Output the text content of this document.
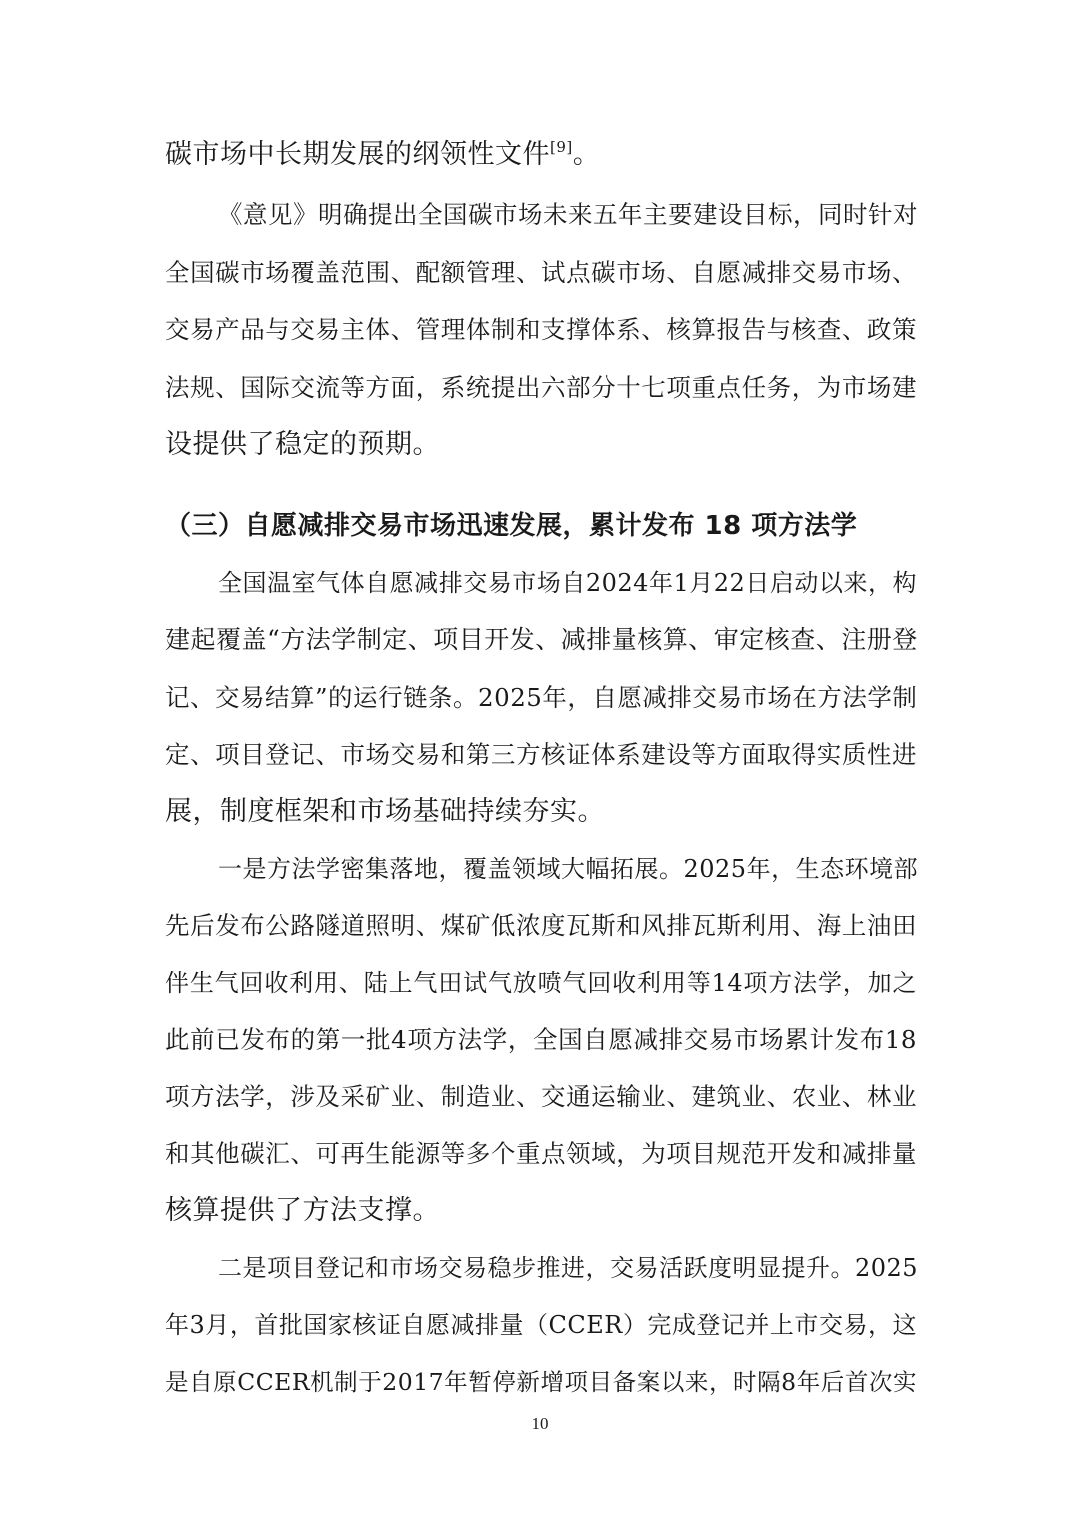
碳市场中长期发展的纲领性文件[9]。
《意见》明确提出全国碳市场未来五年主要建设目标，同时针对
全国碳市场覆盖范围、配额管理、试点碳市场、自愿减排交易市场、
交易产品与交易主体、管理体制和支撑体系、核算报告与核查、政策
法规、国际交流等方面，系统提出六部分十七项重点任务，为市场建
设提供了稳定的预期。
（三）自愿减排交易市场迅速发展，累计发布 18 项方法学
全国温室气体自愿减排交易市场自2024年1月22日启动以来，构
建起覆盖“方法学制定、项目开发、减排量核算、审定核查、注册登
记、交易结算”的运行链条。2025年，自愿减排交易市场在方法学制
定、项目登记、市场交易和第三方核证体系建设等方面取得实质性进
展，制度框架和市场基础持续夯实。
一是方法学密集落地，覆盖领域大幅拓展。2025年，生态环境部
先后发布公路隧道照明、煤矿低浓度瓦斯和风排瓦斯利用、海上油田
伴生气回收利用、陆上气田试气放喷气回收利用等14项方法学，加之
此前已发布的第一批4项方法学，全国自愿减排交易市场累计发布18
项方法学，涉及采矿业、制造业、交通运输业、建筑业、农业、林业
和其他碳汇、可再生能源等多个重点领域，为项目规范开发和减排量
核算提供了方法支撑。
二是项目登记和市场交易稳步推进，交易活跃度明显提升。2025
年3月，首批国家核证自愿减排量（CCER）完成登记并上市交易，这
是自原CCER机制于2017年暂停新增项目备案以来，时隔8年后首次实
10
